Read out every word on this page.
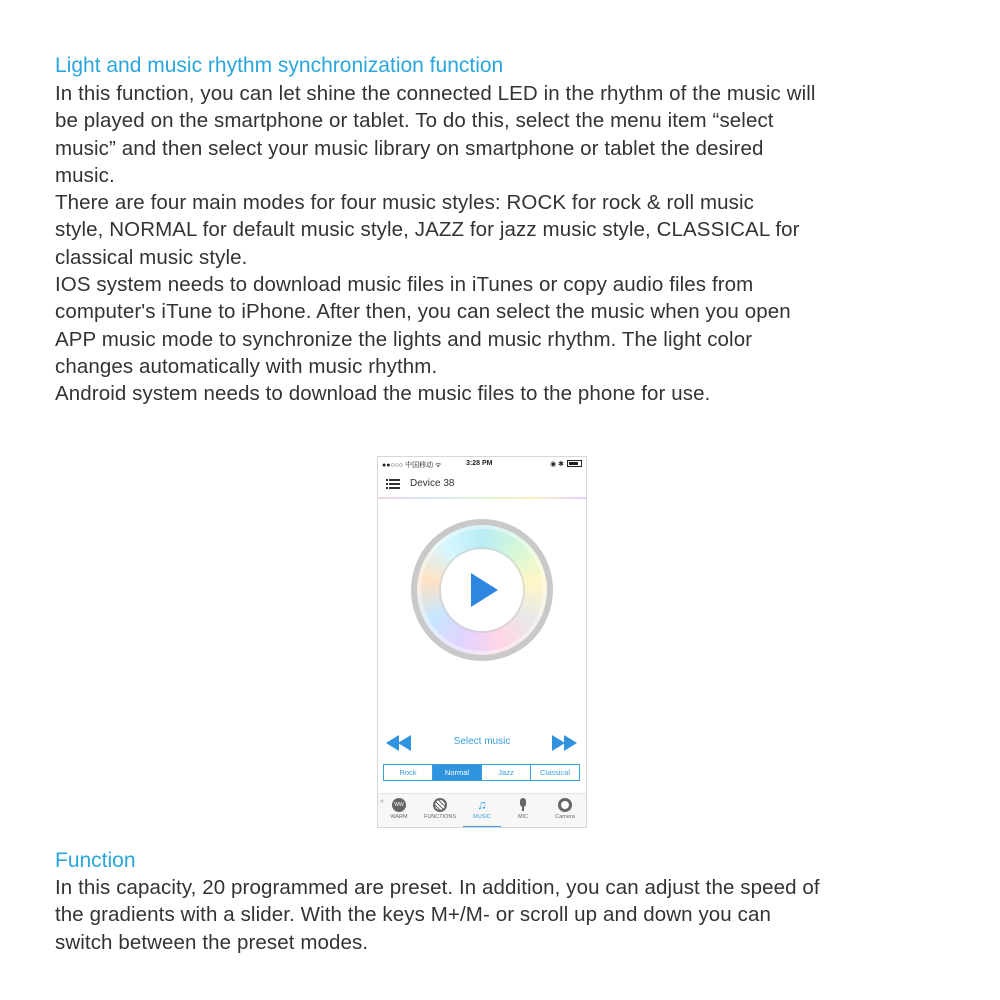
Light and music rhythm synchronization function
In this function, you can let shine the connected LED in the rhythm of the music will
be played on the smartphone or tablet. To do this, select the menu item “select
music” and then select your music library on smartphone or tablet the desired
music.
There are four main modes for four music styles: ROCK for rock & roll music
style, NORMAL for default music style, JAZZ for jazz music style, CLASSICAL for
classical music style.
IOS system needs to download music files in iTunes or copy audio files from
computer's iTune to iPhone. After then, you can select the music when you open
APP music mode to synchronize the lights and music rhythm. The light color
changes automatically with music rhythm.
Android system needs to download the music files to the phone for use.
●●○○○ 中国移动 ᯤ	3:28 PM	◉ ✱
Device 38
Select music
Rock	Normal	Jazz	Classical
WW
WARM	FUNCTIONS
♫
MUSIC	MIC	Camera
«
Function
In this capacity, 20 programmed are preset. In addition, you can adjust the speed of
the gradients with a slider. With the keys M+/M- or scroll up and down you can
switch between the preset modes.
